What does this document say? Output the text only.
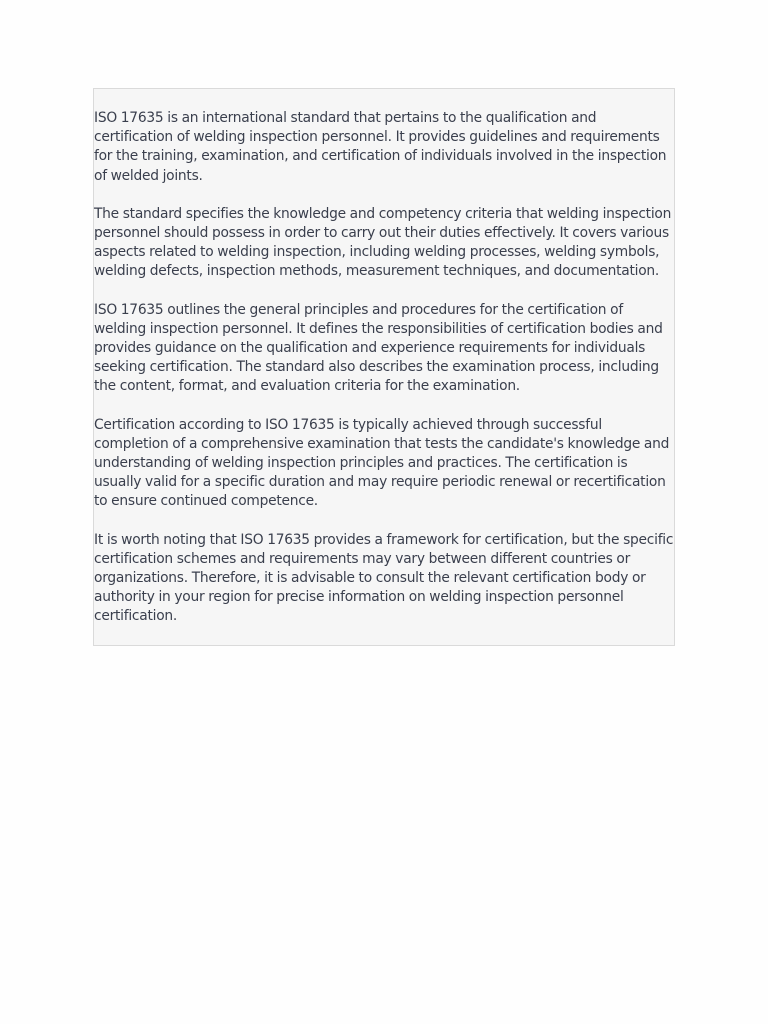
ISO 17635 is an international standard that pertains to the qualification and certification of welding inspection personnel. It provides guidelines and requirements for the training, examination, and certification of individuals involved in the inspection of welded joints.

The standard specifies the knowledge and competency criteria that welding inspection personnel should possess in order to carry out their duties effectively. It covers various aspects related to welding inspection, including welding processes, welding symbols, welding defects, inspection methods, measurement techniques, and documentation.

ISO 17635 outlines the general principles and procedures for the certification of welding inspection personnel. It defines the responsibilities of certification bodies and provides guidance on the qualification and experience requirements for individuals seeking certification. The standard also describes the examination process, including the content, format, and evaluation criteria for the examination.

Certification according to ISO 17635 is typically achieved through successful completion of a comprehensive examination that tests the candidate's knowledge and understanding of welding inspection principles and practices. The certification is usually valid for a specific duration and may require periodic renewal or recertification to ensure continued competence.

It is worth noting that ISO 17635 provides a framework for certification, but the specific certification schemes and requirements may vary between different countries or organizations. Therefore, it is advisable to consult the relevant certification body or authority in your region for precise information on welding inspection personnel certification.
